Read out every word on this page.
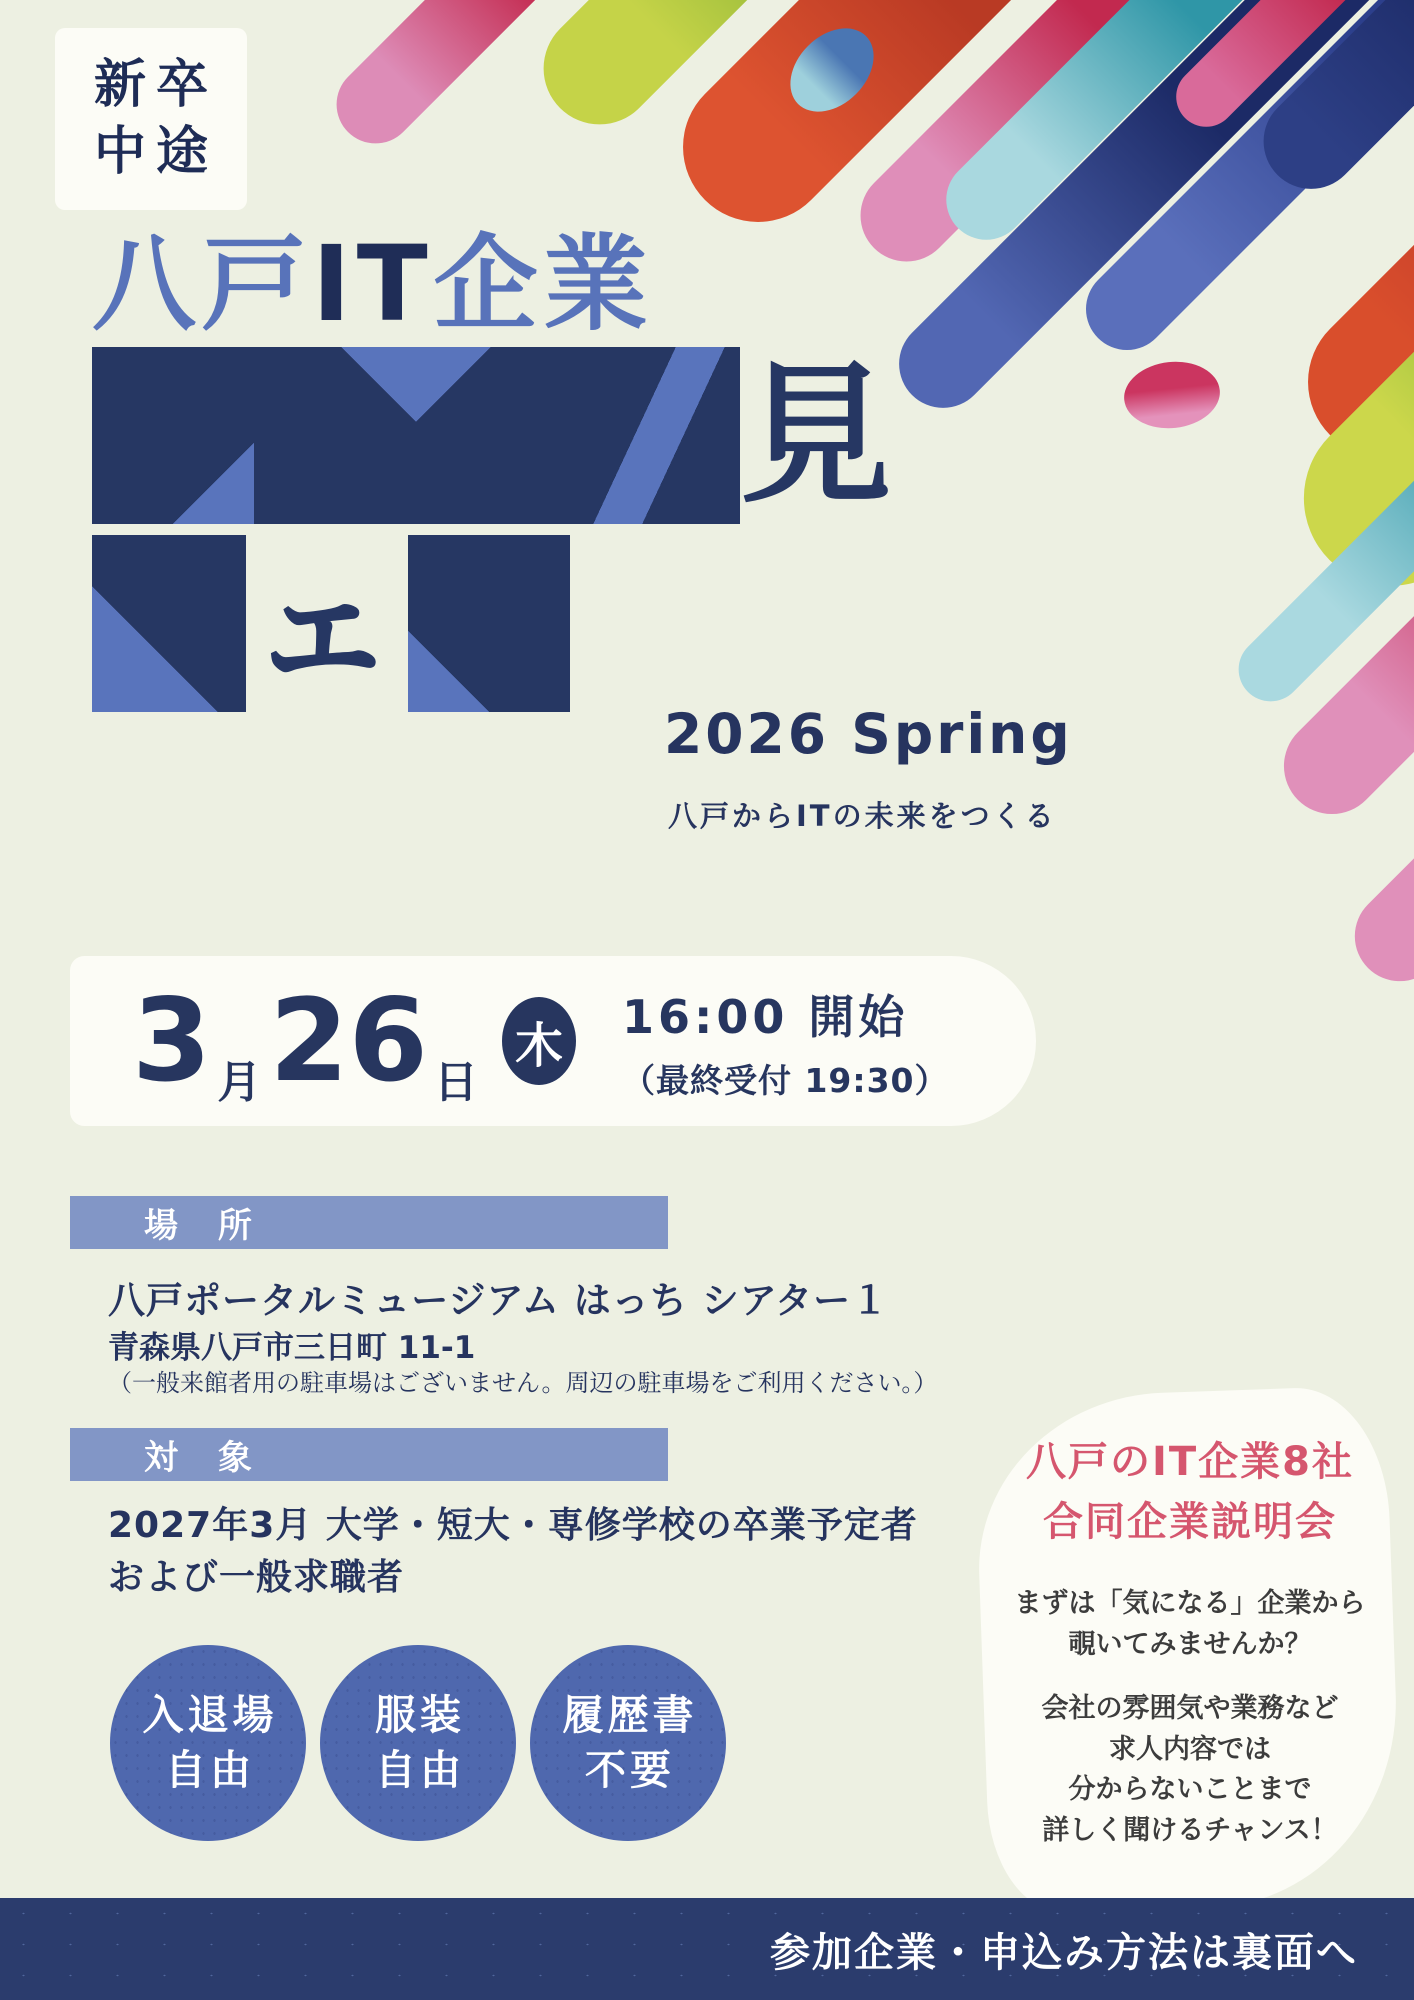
新卒
中途
八戸IT企業
見
ェ
2026 Spring
八戸からITの未来をつくる
3 月 26 日
木
16:00 開始
（最終受付 19:30）
場 所
八戸ポータルミュージアム はっち シアター１
青森県八戸市三日町 11-1
（一般来館者用の駐車場はございません。周辺の駐車場をご利用ください。）
対 象
2027年3月 大学・短大・専修学校の卒業予定者
および一般求職者
入退場
自由
服装
自由
履歴書
不要
八戸のIT企業8社
合同企業説明会
まずは「気になる」企業から
覗いてみませんか？
会社の雰囲気や業務など
求人内容では
分からないことまで
詳しく聞けるチャンス！
参加企業・申込み方法は裏面へ
